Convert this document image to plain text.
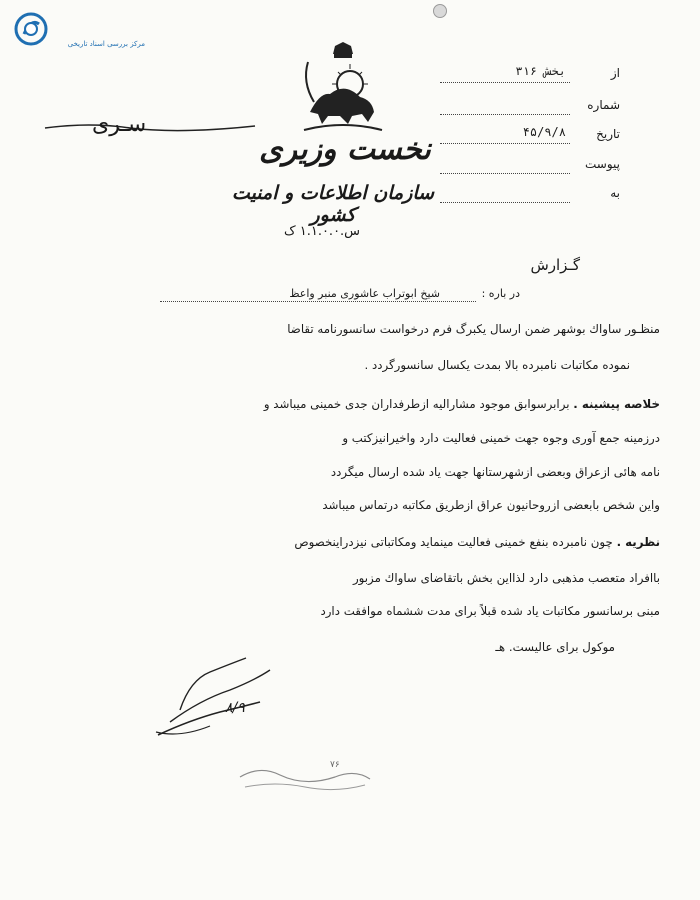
مرکز بررسی اسناد تاریخی
سـری
نخست وزیری
سازمان اطلاعات و امنیت کشور
س.۱.۱.۰.۰ ک
از
بخش ۳۱۶
شماره
تاریخ
۴۵/۹/۸
پیوست
به
گـزارش
در باره :
شیخ ابوتراب عاشوری منبر واعظ
منظـور ساواك بوشهر ضمن ارسال یکبرگ فرم درخواست سانسورنامه تقاضا
نموده مکاتبات نامبرده بالا بمدت یکسال سانسورگردد .
خلاصه پیشینه . برابرسوابق موجود مشارالیه ازطرفداران جدی خمینی میباشد و
درزمینه جمع آوری وجوه جهت خمینی فعالیت دارد واخیرانیزکتب و
نامه هائی ازعراق وبعضی ازشهرستانها جهت یاد شده ارسال میگردد
واین شخص بابعضی ازروحانیون عراق ازطریق مکاتبه درتماس میباشد
نظریه . چون نامبرده بنفع خمینی فعالیت مینماید ومکاتباتی نیزدراینخصوص
باافراد متعصب مذهبی دارد لذااین بخش باتقاضای ساواك مزبور
مبنی برسانسور مکاتبات یاد شده قبلاً برای مدت ششماه موافقت دارد
موکول برای عالیست. هـ
۸/۹
۷۶
